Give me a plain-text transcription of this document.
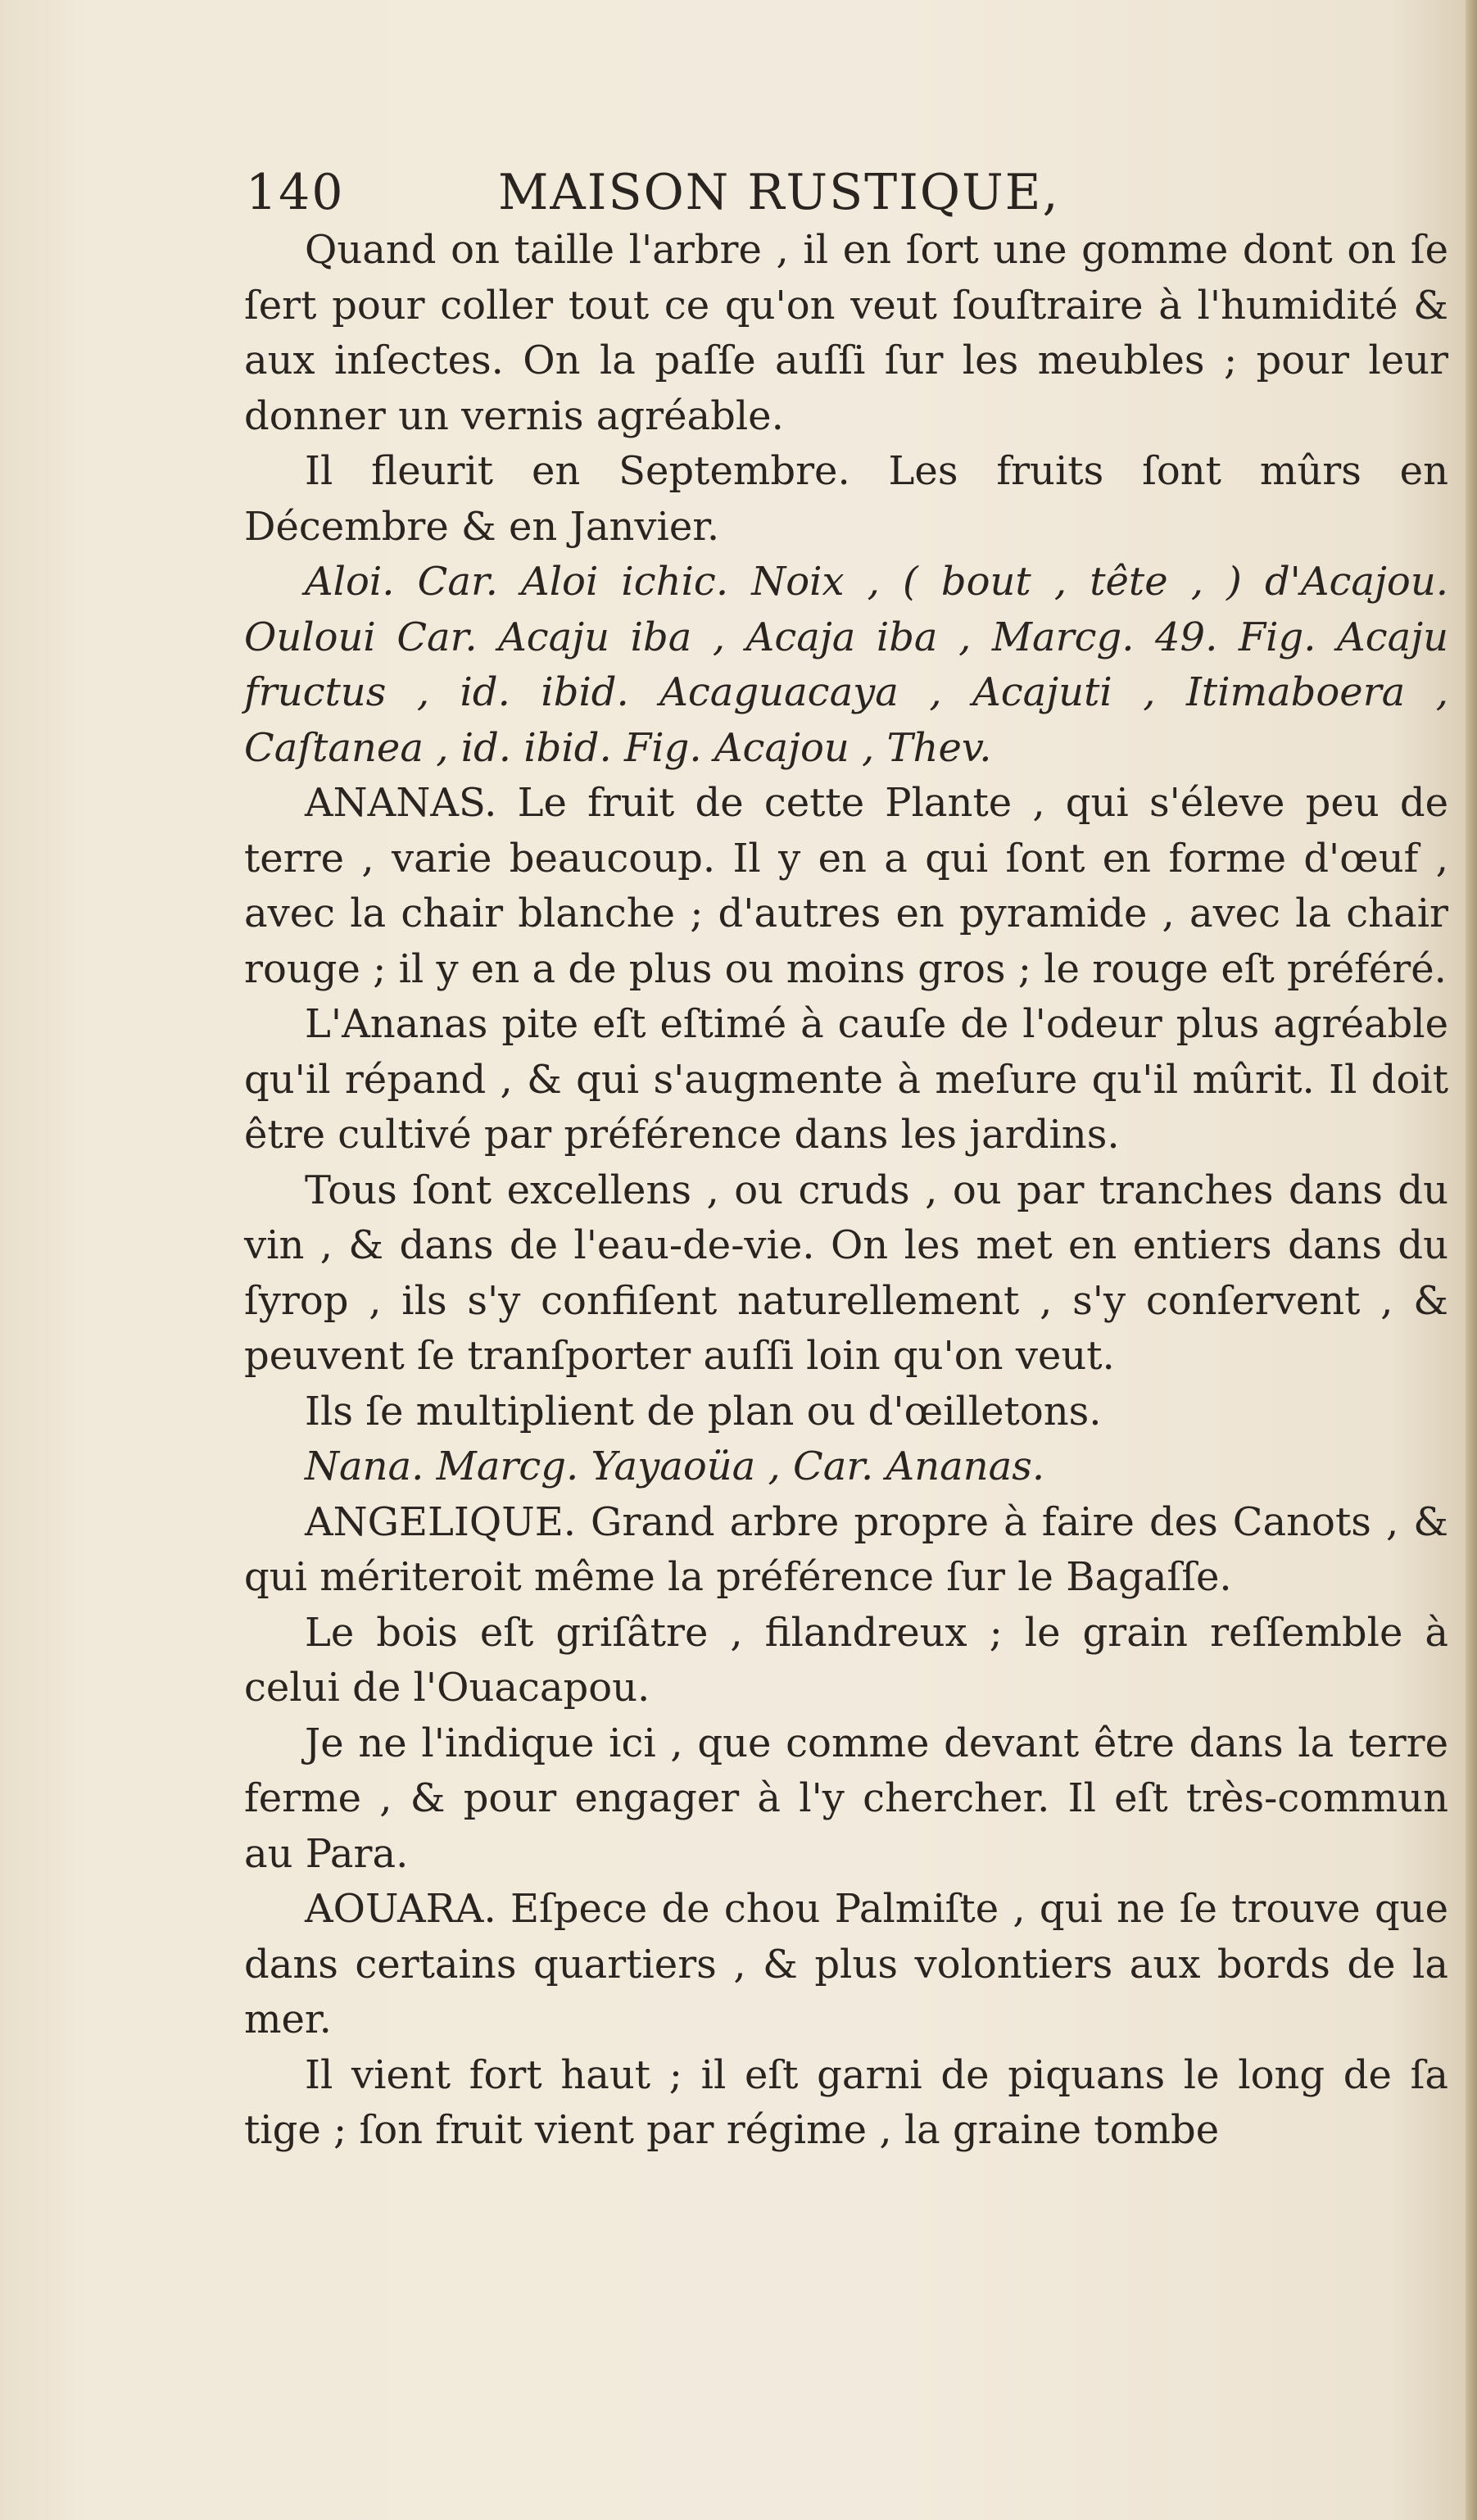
140	MAISON RUSTIQUE,

Quand on taille l'arbre , il en ſort une gomme dont on ſe ſert pour coller tout ce qu'on veut ſouſtraire à l'humidité & aux inſectes. On la paſſe auſſi ſur les meubles ; pour leur donner un vernis agréable.

Il fleurit en Septembre. Les fruits ſont mûrs en Décembre & en Janvier.

Aloi. Car. Aloi ichic. Noix , ( bout , tête , ) d'Acajou. Ouloui Car. Acaju iba , Acaja iba , Marcg. 49. Fig. Acaju fructus , id. ibid. Acaguacaya , Acajuti , Itimaboera , Caſtanea , id. ibid. Fig. Acajou , Thev.

ANANAS. Le fruit de cette Plante , qui s'éleve peu de terre , varie beaucoup. Il y en a qui ſont en forme d'œuf , avec la chair blanche ; d'autres en pyramide , avec la chair rouge ; il y en a de plus ou moins gros ; le rouge eſt préféré.

L'Ananas pite eſt eſtimé à cauſe de l'odeur plus agréable qu'il répand , & qui s'augmente à meſure qu'il mûrit. Il doit être cultivé par préférence dans les jardins.

Tous ſont excellens , ou cruds , ou par tranches dans du vin , & dans de l'eau-de-vie. On les met en entiers dans du ſyrop , ils s'y confiſent naturellement , s'y conſervent , & peuvent ſe tranſporter auſſi loin qu'on veut.

Ils ſe multiplient de plan ou d'œilletons.

Nana. Marcg. Yayaoüa , Car. Ananas.

ANGELIQUE. Grand arbre propre à faire des Canots , & qui mériteroit même la préférence ſur le Bagaſſe.

Le bois eſt griſâtre , filandreux ; le grain reſſemble à celui de l'Ouacapou.

Je ne l'indique ici , que comme devant être dans la terre ferme , & pour engager à l'y chercher. Il eſt très-commun au Para.

AOUARA. Eſpece de chou Palmiſte , qui ne ſe trouve que dans certains quartiers , & plus volontiers aux bords de la mer.

Il vient fort haut ; il eſt garni de piquans le long de ſa tige ; ſon fruit vient par régime , la graine tombe
